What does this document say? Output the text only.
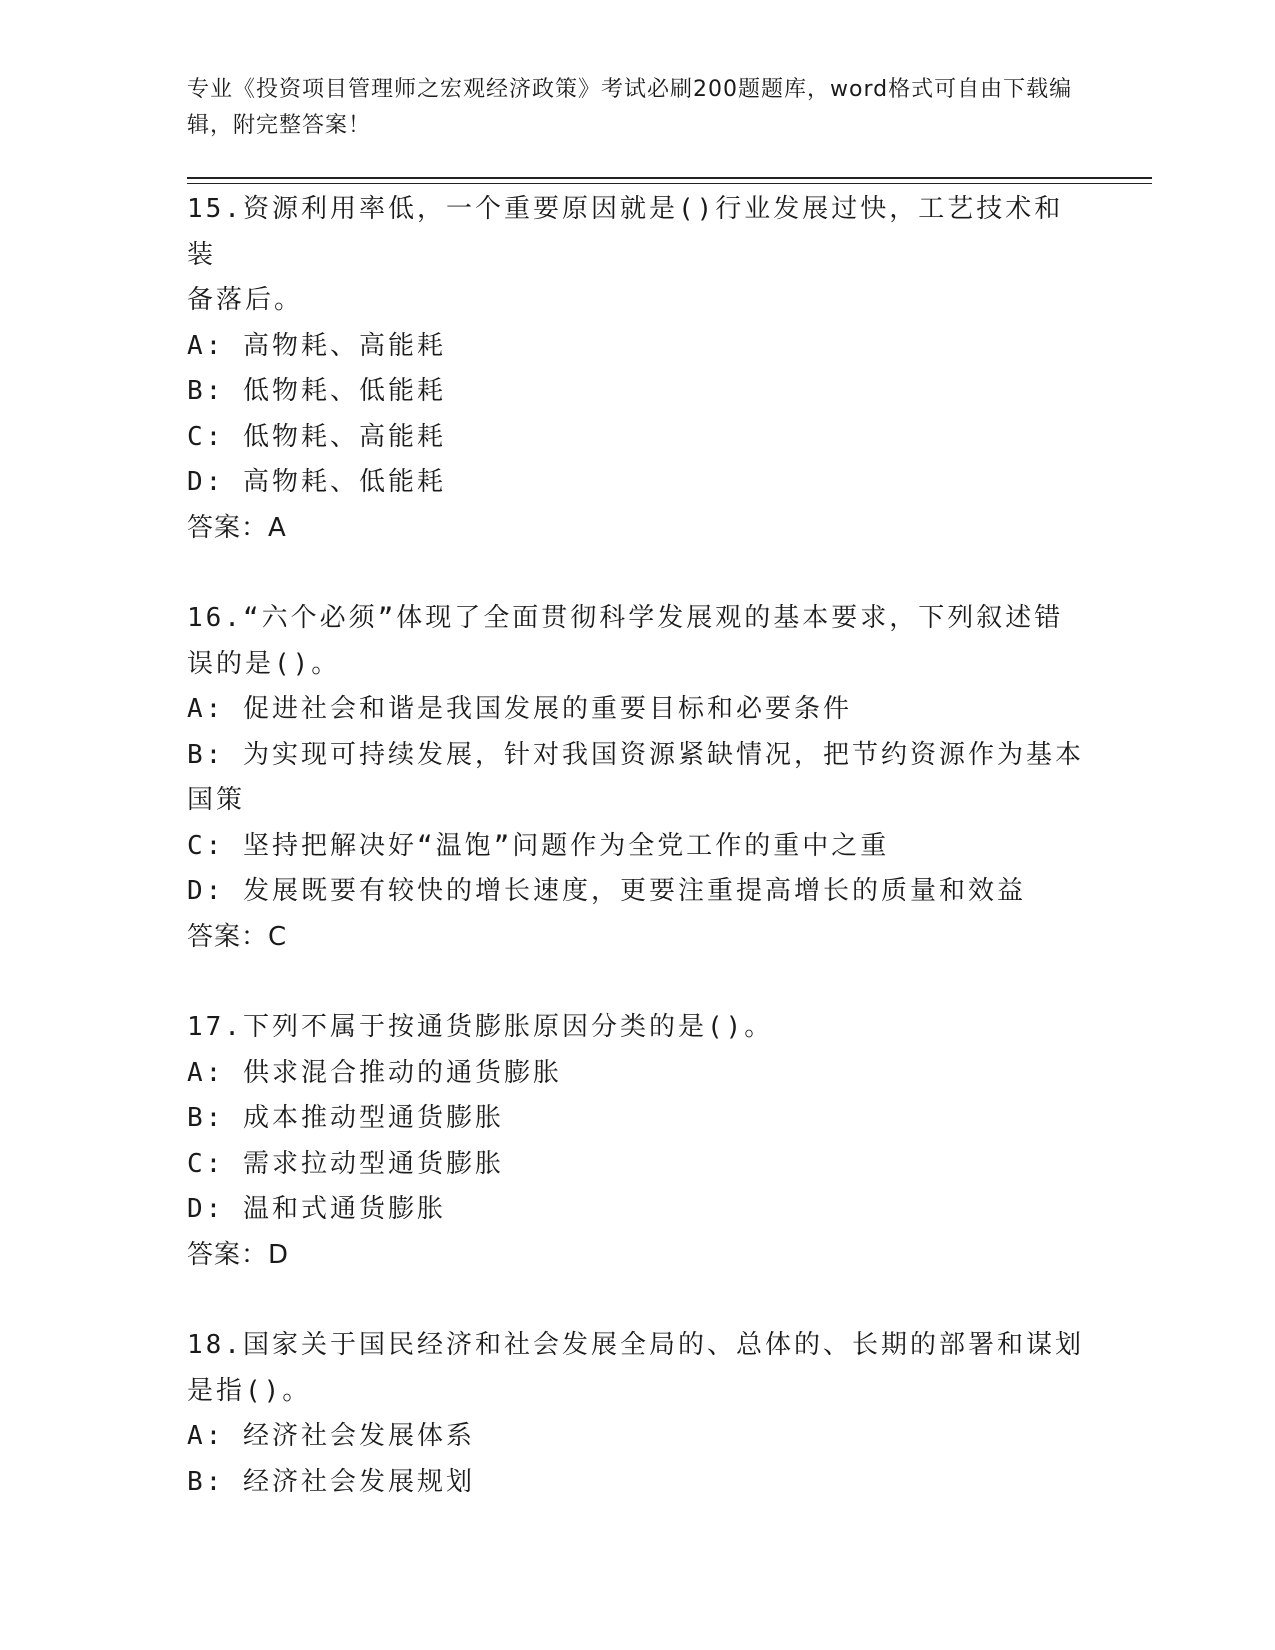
专业《投资项目管理师之宏观经济政策》考试必刷200题题库，word格式可自由下载编辑，附完整答案！
15.资源利用率低，一个重要原因就是()行业发展过快，工艺技术和装
备落后。
A: 高物耗、高能耗
B: 低物耗、低能耗
C: 低物耗、高能耗
D: 高物耗、低能耗
答案：A
16.“六个必须”体现了全面贯彻科学发展观的基本要求，下列叙述错
误的是()。
A: 促进社会和谐是我国发展的重要目标和必要条件
B: 为实现可持续发展，针对我国资源紧缺情况，把节约资源作为基本
国策
C: 坚持把解决好“温饱”问题作为全党工作的重中之重
D: 发展既要有较快的增长速度，更要注重提高增长的质量和效益
答案：C
17.下列不属于按通货膨胀原因分类的是()。
A: 供求混合推动的通货膨胀
B: 成本推动型通货膨胀
C: 需求拉动型通货膨胀
D: 温和式通货膨胀
答案：D
18.国家关于国民经济和社会发展全局的、总体的、长期的部署和谋划
是指()。
A: 经济社会发展体系
B: 经济社会发展规划
